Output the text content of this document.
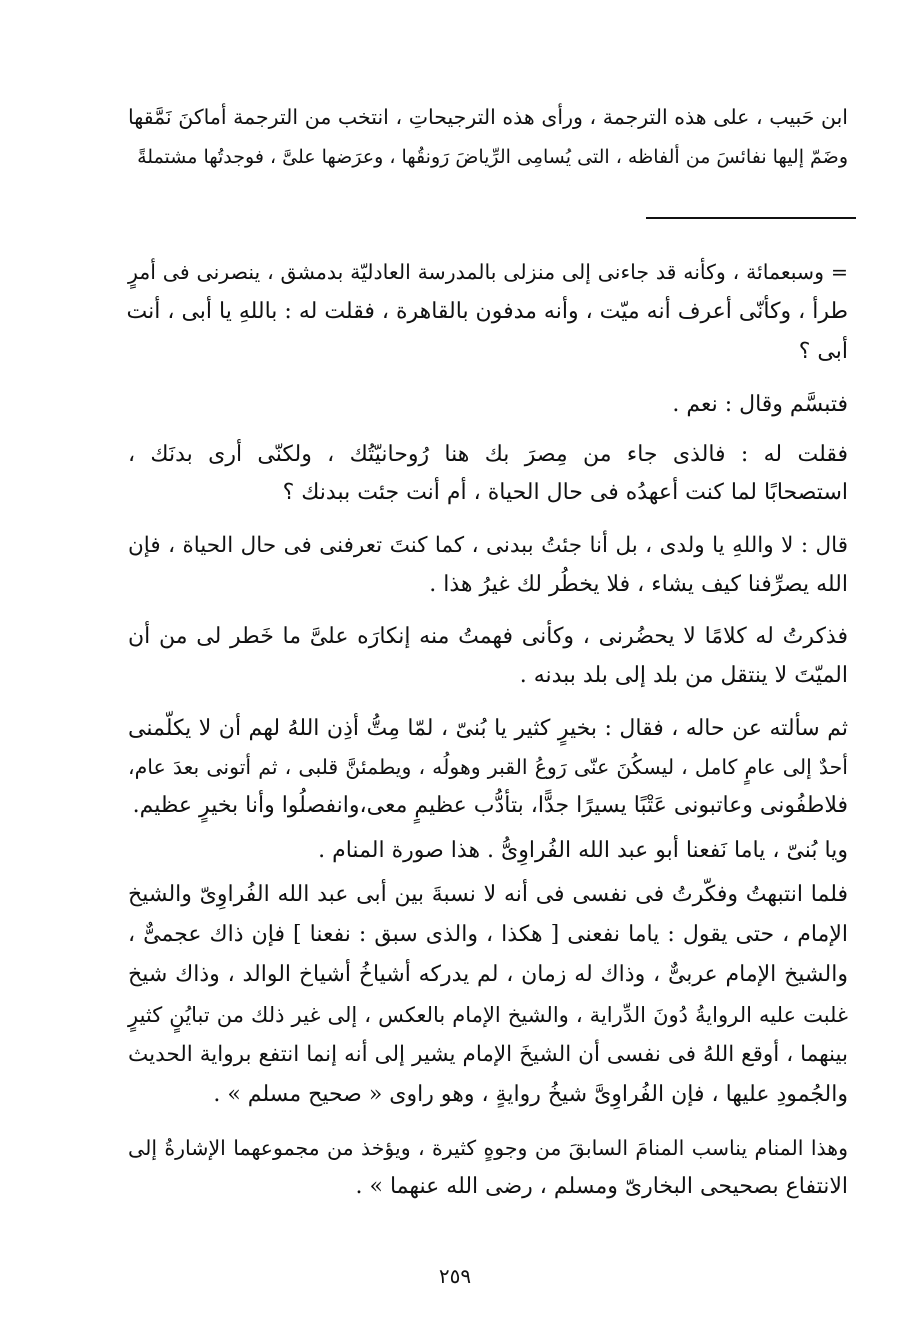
ابن حَبيب ، على هذه الترجمة ، ورأى هذه الترجيحاتِ ، انتخب من الترجمة أماكنَ نَمَّقها
وضَمّ إليها نفائسَ من ألفاظه ، التى يُسامِى الرِّياضَ رَونقُها ، وعرَضها علىَّ ، فوجدتُها مشتملةً
= وسبعمائة ، وكأنه قد جاءنى إلى منزلى بالمدرسة العادليّة بدمشق ، ينصرنى فى أمرٍ
طرأ ، وكأنّى أعرف أنه ميّت ، وأنه مدفون بالقاهرة ، فقلت له : باللهِ يا أبى ، أنت
أبى ؟
فتبسَّم وقال : نعم .
فقلت له : فالذى جاء من مِصرَ بك هنا رُوحانيّتُك ، ولكنّى أرى بدنَك ،
استصحابًا لما كنت أعهدُه فى حال الحياة ، أم أنت جئت ببدنك ؟
قال : لا واللهِ يا ولدى ، بل أنا جئتُ ببدنى ، كما كنتَ تعرفنى فى حال الحياة ، فإن
الله يصرِّفنا كيف يشاء ، فلا يخطُر لك غيرُ هذا .
فذكرتُ له كلامًا لا يحضُرنى ، وكأنى فهمتُ منه إنكارَه علىَّ ما خَطر لى من أن
الميّتَ لا ينتقل من بلد إلى بلد ببدنه .
ثم سألته عن حاله ، فقال : بخيرٍ كثير يا بُنىّ ، لمّا مِتُّ أذِن اللهُ لهم أن لا يكلّمنى
أحدٌ إلى عامٍ كامل ، ليسكُنَ عنّى رَوعُ القبر وهولُه ، ويطمئنَّ قلبى ، ثم أتونى بعدَ عام،
فلاطفُونى وعاتبونى عَتْبًا يسيرًا جدًّا، بتأدُّب عظيمٍ معى،وانفصلُوا وأنا بخيرٍ عظيم.
ويا بُنىّ ، ياما نَفعنا أبو عبد الله الفُراوِىُّ . هذا صورة المنام .
فلما انتبهتُ وفكّرتُ فى نفسى فى أنه لا نسبةَ بين أبى عبد الله الفُراوِىّ والشيخ
الإمام ، حتى يقول : ياما نفعنى [ هكذا ، والذى سبق : نفعنا ] فإن ذاك عجمىٌّ ،
والشيخ الإمام عربىٌّ ، وذاك له زمان ، لم يدركه أشياخُ أشياخ الوالد ، وذاك شيخ
غلبت عليه الروايةُ دُونَ الدِّراية ، والشيخ الإمام بالعكس ، إلى غير ذلك من تبايُنٍ كثيرٍ
بينهما ، أوقع اللهُ فى نفسى أن الشيخَ الإمام يشير إلى أنه إنما انتفع برواية الحديث
والجُمودِ عليها ، فإن الفُراوِىَّ شيخُ روايةٍ ، وهو راوى « صحيح مسلم » .
وهذا المنام يناسب المنامَ السابقَ من وجوهٍ كثيرة ، ويؤخذ من مجموعهما الإشارةُ إلى
الانتفاع بصحيحى البخارىّ ومسلم ، رضى الله عنهما » .
٢٥٩
